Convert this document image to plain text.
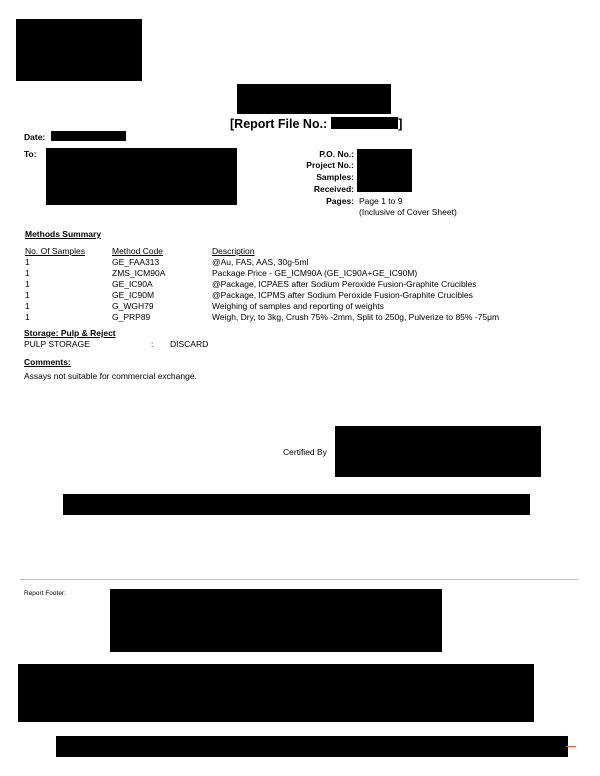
[Report File No.:	]
Date:
To:	P.O. No.:
Project No.:
Samples:
Received:
Pages: Page 1 to 9
(Inclusive of Cover Sheet)
Methods Summary
No. Of Samples	Method Code	Description
1	GE_FAA313	@Au, FAS, AAS, 30g-5ml
1	ZMS_ICM90A	Package Price - GE_ICM90A (GE_IC90A+GE_IC90M)
1	GE_IC90A	@Package, ICPAES after Sodium Peroxide Fusion-Graphite Crucibles
1	GE_IC90M	@Package, ICPMS after Sodium Peroxide Fusion-Graphite Crucibles
1	G_WGH79	Weighing of samples and reporting of weights
1	G_PRP89	Weigh, Dry, to 3kg, Crush 75% -2mm, Split to 250g, Pulverize to 85% -75μm
Storage: Pulp & Reject
PULP STORAGE	: DISCARD
Comments:
Assays not suitable for commercial exchange.
Certified By
Report Footer:
